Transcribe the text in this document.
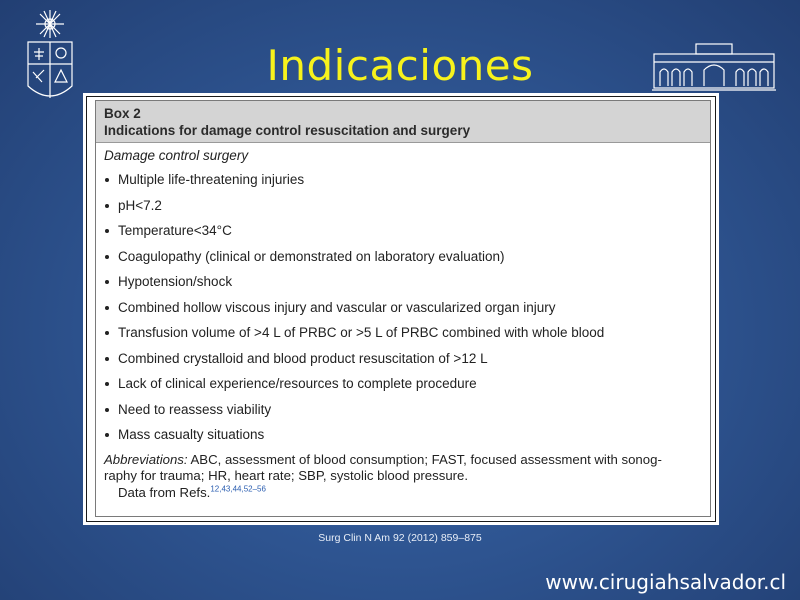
Indicaciones
Box 2
Indications for damage control resuscitation and surgery
Damage control surgery
Multiple life-threatening injuries
pH<7.2
Temperature<34°C
Coagulopathy (clinical or demonstrated on laboratory evaluation)
Hypotension/shock
Combined hollow viscous injury and vascular or vascularized organ injury
Transfusion volume of >4 L of PRBC or >5 L of PRBC combined with whole blood
Combined crystalloid and blood product resuscitation of >12 L
Lack of clinical experience/resources to complete procedure
Need to reassess viability
Mass casualty situations
Abbreviations: ABC, assessment of blood consumption; FAST, focused assessment with sonog-
raphy for trauma; HR, heart rate; SBP, systolic blood pressure.
Data from Refs.$^{12,43,44,52-56}$
Surg Clin N Am 92 (2012) 859–875
www.cirugiahsalvador.cl
